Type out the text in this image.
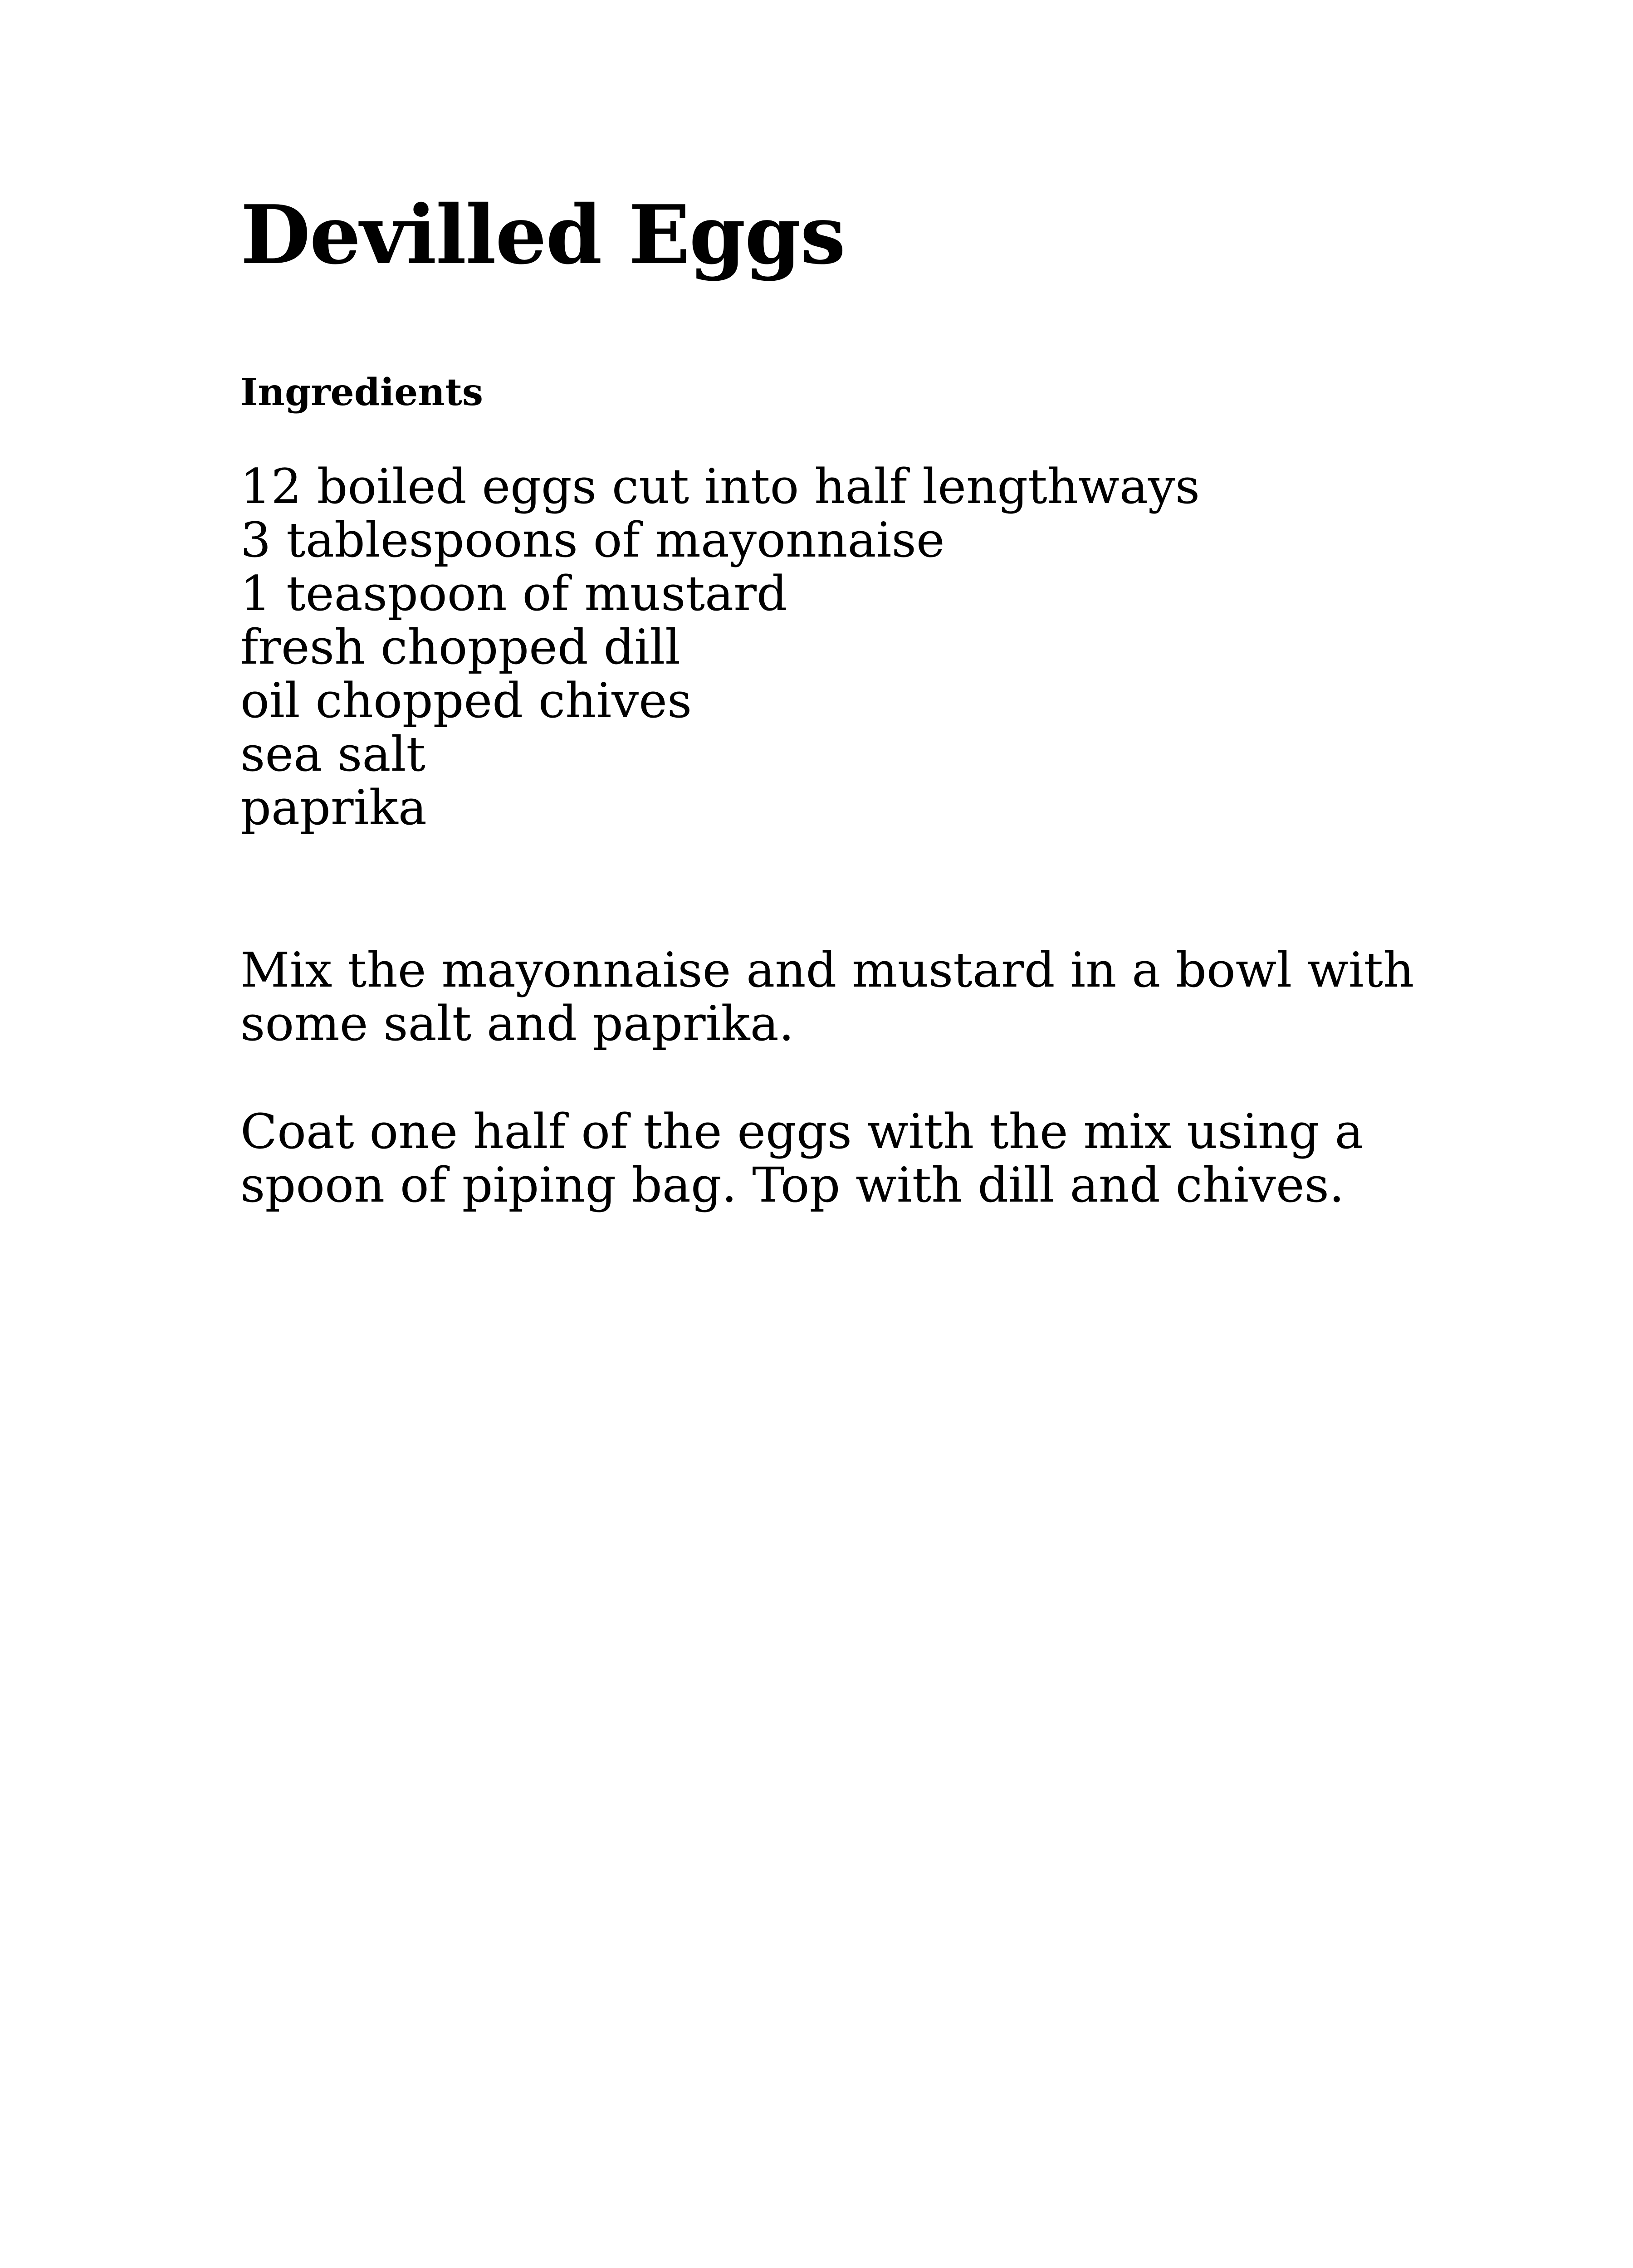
Devilled Eggs
Ingredients
12 boiled eggs cut into half lengthways
3 tablespoons of mayonnaise
1 teaspoon of mustard
fresh chopped dill
oil chopped chives
sea salt
paprika

Mix the mayonnaise and mustard in a bowl with some salt and paprika.

Coat one half of the eggs with the mix using a spoon of piping bag. Top with dill and chives.
